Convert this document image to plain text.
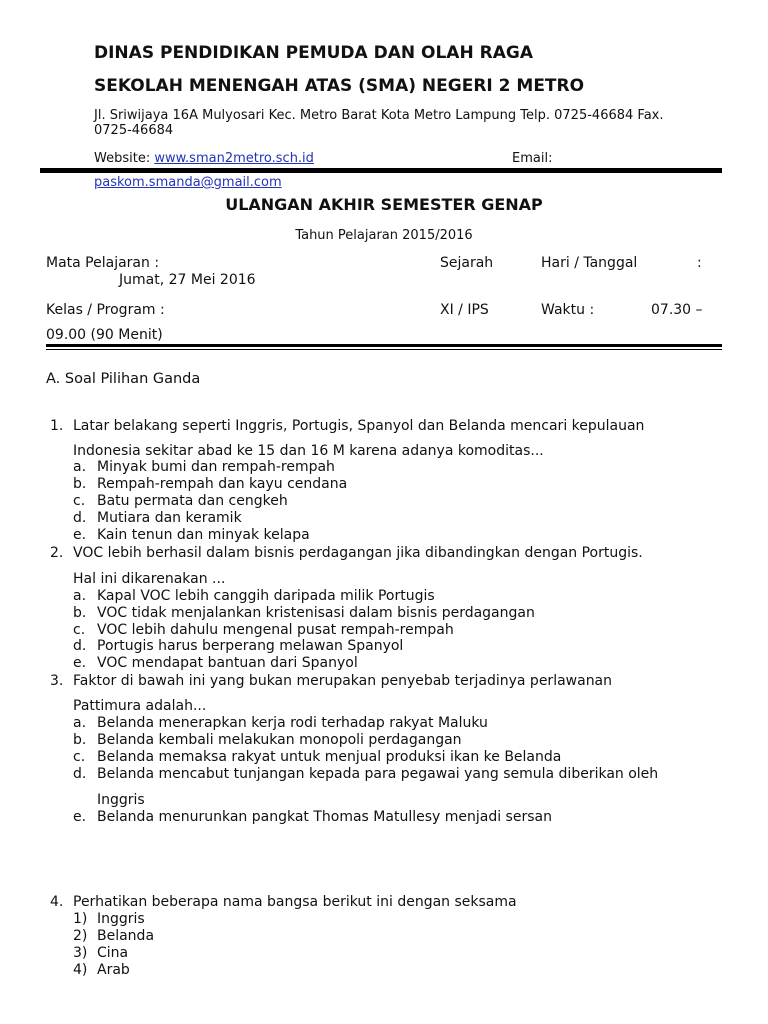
DINAS PENDIDIKAN PEMUDA DAN OLAH RAGA
SEKOLAH MENENGAH ATAS (SMA) NEGERI 2 METRO
Jl. Sriwijaya 16A Mulyosari Kec. Metro Barat Kota Metro Lampung Telp. 0725-46684 Fax.
0725-46684
Website: www.sman2metro.sch.id	Email:
paskom.smanda@gmail.com
ULANGAN AKHIR SEMESTER GENAP
Tahun Pelajaran 2015/2016
Mata Pelajaran :	Sejarah	Hari / Tanggal	:
Jumat, 27 Mei 2016
Kelas / Program :	XI / IPS	Waktu :	07.30 –
09.00 (90 Menit)
A. Soal Pilihan Ganda
1. Latar belakang seperti Inggris, Portugis, Spanyol dan Belanda mencari kepulauan
Indonesia sekitar abad ke 15 dan 16 M karena adanya komoditas...
a. Minyak bumi dan rempah-rempah
b. Rempah-rempah dan kayu cendana
c. Batu permata dan cengkeh
d. Mutiara dan keramik
e. Kain tenun dan minyak kelapa
2. VOC lebih berhasil dalam bisnis perdagangan jika dibandingkan dengan Portugis.
Hal ini dikarenakan ...
a. Kapal VOC lebih canggih daripada milik Portugis
b. VOC tidak menjalankan kristenisasi dalam bisnis perdagangan
c. VOC lebih dahulu mengenal pusat rempah-rempah
d. Portugis harus berperang melawan Spanyol
e. VOC mendapat bantuan dari Spanyol
3. Faktor di bawah ini yang bukan merupakan penyebab terjadinya perlawanan
Pattimura adalah...
a. Belanda menerapkan kerja rodi terhadap rakyat Maluku
b. Belanda kembali melakukan monopoli perdagangan
c. Belanda memaksa rakyat untuk menjual produksi ikan ke Belanda
d. Belanda mencabut tunjangan kepada para pegawai yang semula diberikan oleh
Inggris
e. Belanda menurunkan pangkat Thomas Matullesy menjadi sersan
4. Perhatikan beberapa nama bangsa berikut ini dengan seksama
1) Inggris
2) Belanda
3) Cina
4) Arab
